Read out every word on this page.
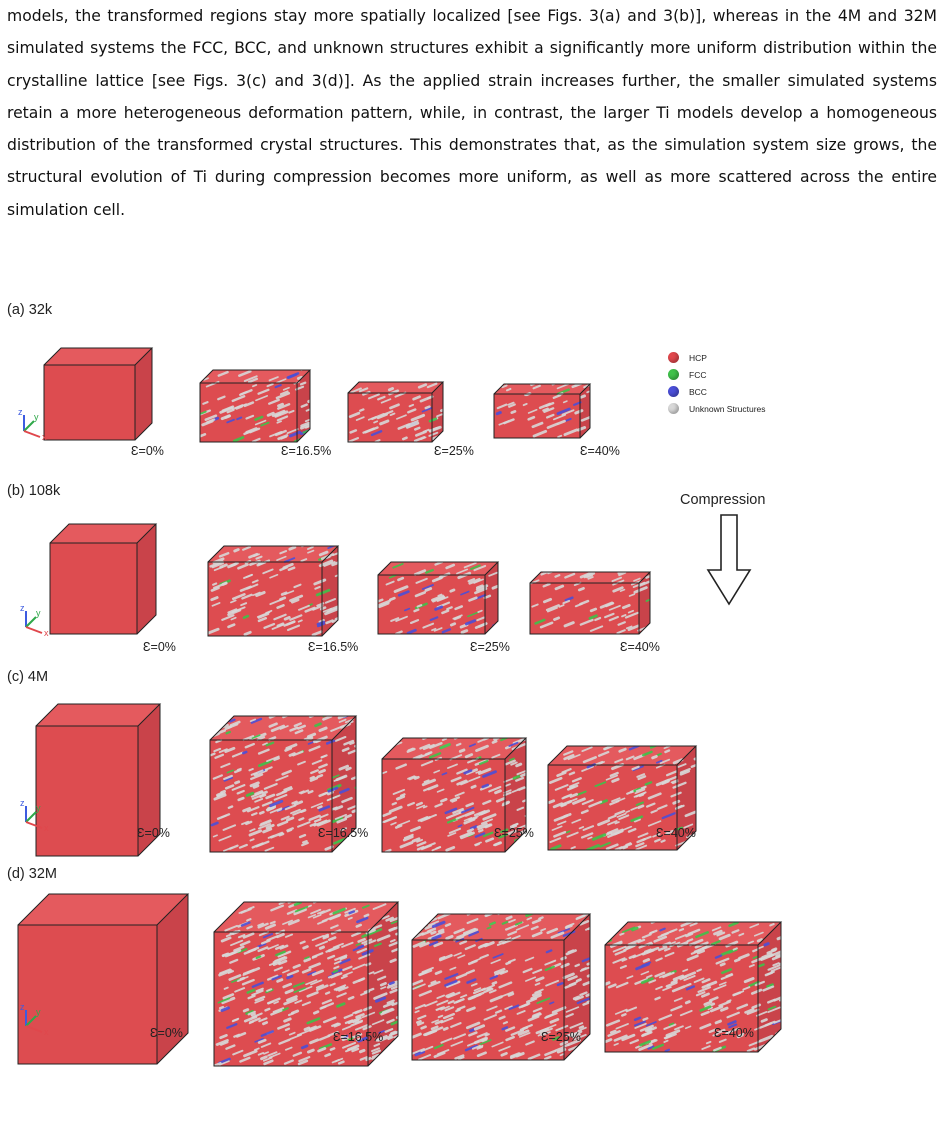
models, the transformed regions stay more spatially localized [see Figs. 3(a) and 3(b)], whereas in the 4M and 32M simulated systems the FCC, BCC, and unknown structures exhibit a significantly more uniform distribution within the crystalline lattice [see Figs. 3(c) and 3(d)]. As the applied strain increases further, the smaller simulated systems retain a more heterogeneous deformation pattern, while, in contrast, the larger Ti models develop a homogeneous distribution of the transformed crystal structures. This demonstrates that, as the simulation system size grows, the structural evolution of Ti during compression becomes more uniform, as well as more scattered across the entire simulation cell.

(a) 32k
(b) 108k
(c) 4M
(d) 32M
Ɛ=0%	Ɛ=16.5%	Ɛ=25%	Ɛ=40%
Ɛ=0%	Ɛ=16.5%	Ɛ=25%	Ɛ=40%
Ɛ=0%	Ɛ=16.5%	Ɛ=25%	Ɛ=40%
Ɛ=0%	Ɛ=16.5%	Ɛ=25%	Ɛ=40%
z y
x
z y
x
z y
x
z y
x
HCP
FCC
BCC
Unknown Structures
Compression
